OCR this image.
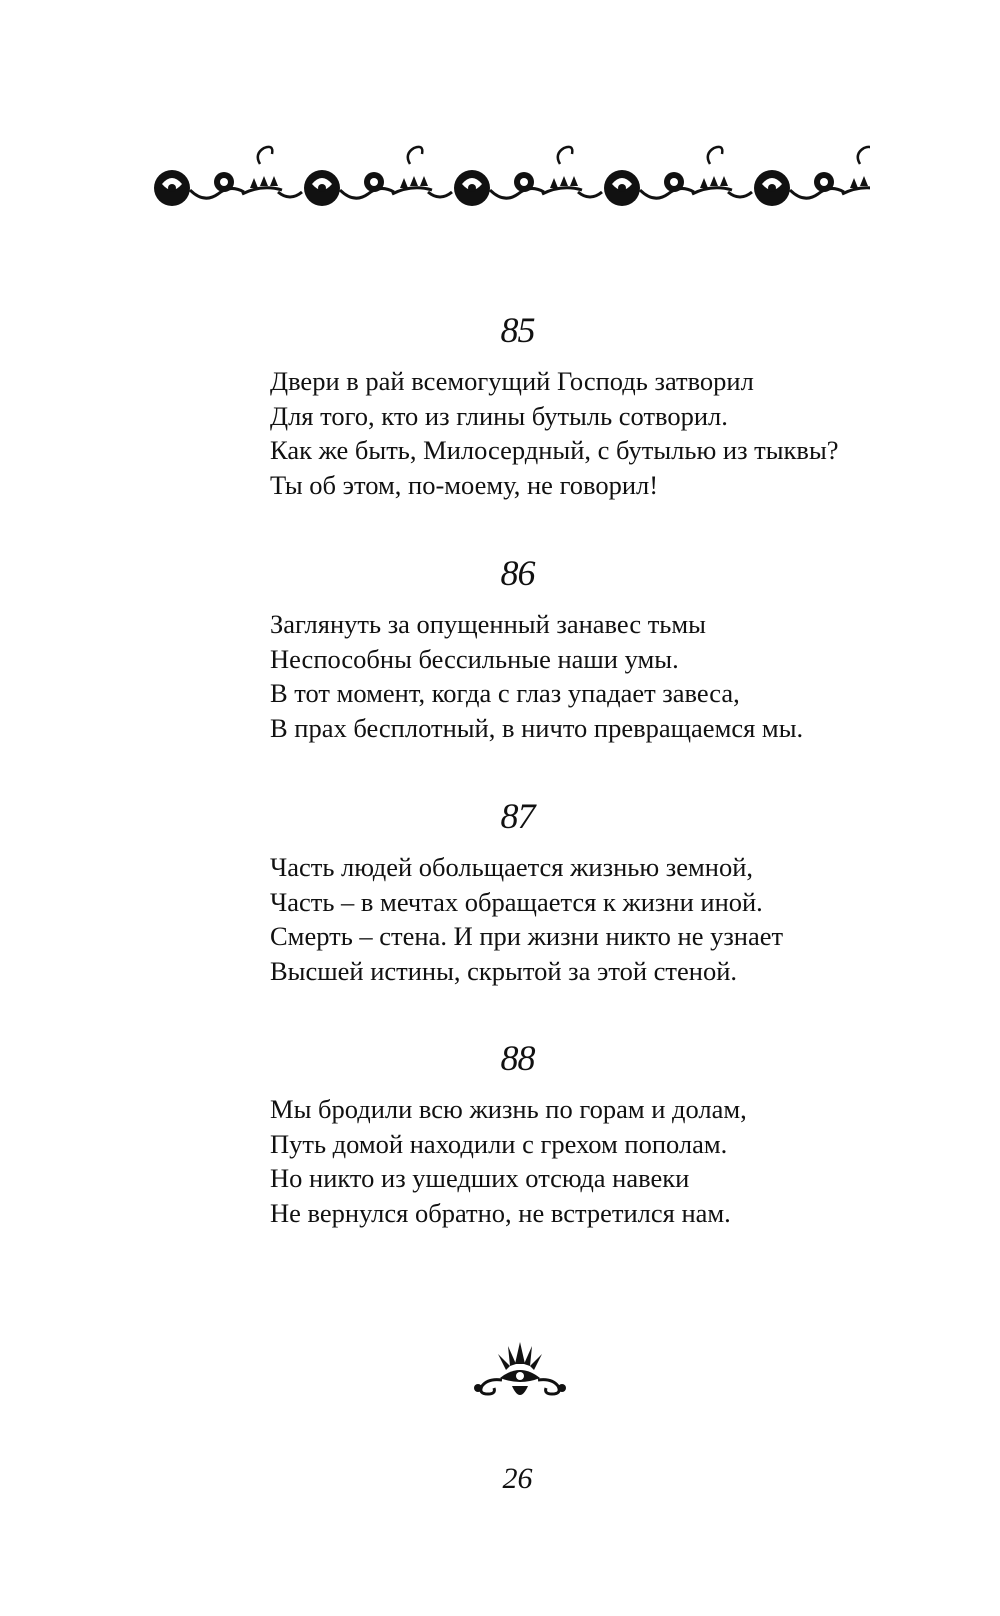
85
Двери в рай всемогущий Господь затворил
Для того, кто из глины бутыль сотворил.
Как же быть, Милосердный, с бутылью из тыквы?
Ты об этом, по-моему, не говорил!
86
Заглянуть за опущенный занавес тьмы
Неспособны бессильные наши умы.
В тот момент, когда с глаз упадает завеса,
В прах бесплотный, в ничто превращаемся мы.
87
Часть людей обольщается жизнью земной,
Часть – в мечтах обращается к жизни иной.
Смерть – стена. И при жизни никто не узнает
Высшей истины, скрытой за этой стеной.
88
Мы бродили всю жизнь по горам и долам,
Путь домой находили с грехом пополам.
Но никто из ушедших отсюда навеки
Не вернулся обратно, не встретился нам.
26
